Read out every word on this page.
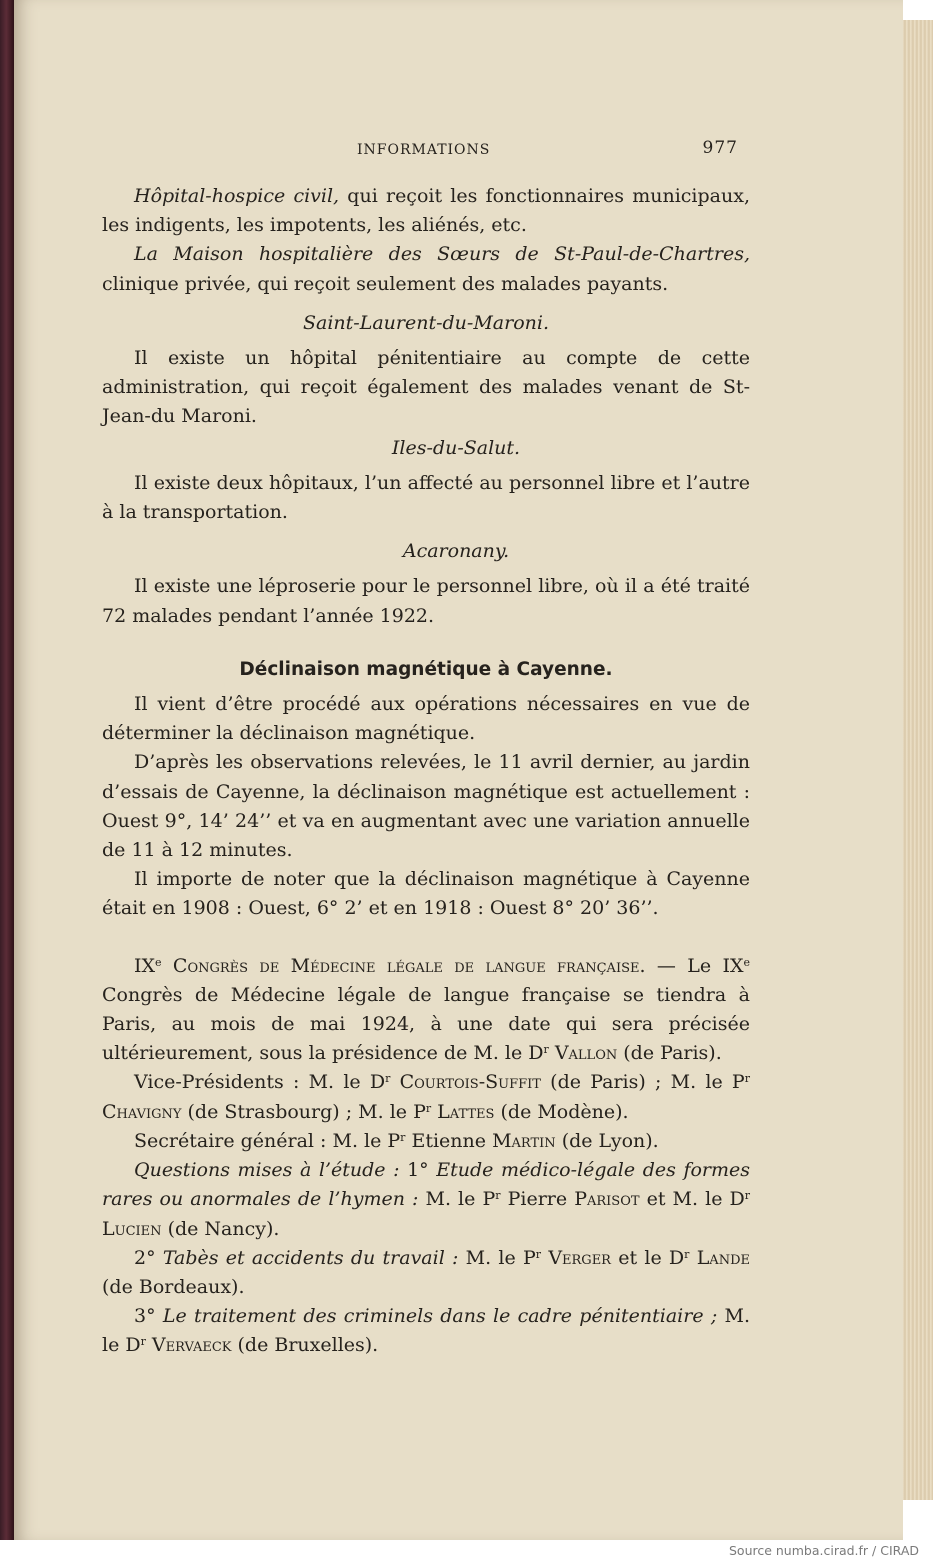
INFORMATIONS	977

Hôpital-hospice civil, qui reçoit les fonctionnaires municipaux, les indigents, les impotents, les aliénés, etc.

La Maison hospitalière des Sœurs de St-Paul-de-Chartres, clinique privée, qui reçoit seulement des malades payants.

Saint-Laurent-du-Maroni.

Il existe un hôpital pénitentiaire au compte de cette administration, qui reçoit également des malades venant de St-Jean-du Maroni.

Iles-du-Salut.

Il existe deux hôpitaux, l’un affecté au personnel libre et l’autre à la transportation.

Acaronany.

Il existe une léproserie pour le personnel libre, où il a été traité 72 malades pendant l’année 1922.

Déclinaison magnétique à Cayenne.

Il vient d’être procédé aux opérations nécessaires en vue de déterminer la déclinaison magnétique.

D’après les observations relevées, le 11 avril dernier, au jardin d’essais de Cayenne, la déclinaison magnétique est actuellement : Ouest 9°, 14’ 24’’ et va en augmentant avec une variation annuelle de 11 à 12 minutes.

Il importe de noter que la déclinaison magnétique à Cayenne était en 1908 : Ouest, 6° 2’ et en 1918 : Ouest 8° 20’ 36’’.

IXe Congrès de Médecine légale de langue française. — Le IXe Congrès de Médecine légale de langue française se tiendra à Paris, au mois de mai 1924, à une date qui sera précisée ultérieurement, sous la présidence de M. le $D^r$ Vallon (de Paris).

Vice-Présidents : M. le $D^r$ Courtois-Suffit (de Paris) ; M. le $P^r$ Chavigny (de Strasbourg) ; M. le $P^r$ Lattes (de Modène).

Secrétaire général : M. le $P^r$ Etienne Martin (de Lyon).

Questions mises à l’étude : 1° Etude médico-légale des formes rares ou anormales de l’hymen : M. le $P^r$ Pierre Parisot et M. le $D^r$ Lucien (de Nancy).

2° Tabès et accidents du travail : M. le $P^r$ Verger et le $D^r$ Lande (de Bordeaux).

3° Le traitement des criminels dans le cadre pénitentiaire ; M. le $D^r$ Vervaeck (de Bruxelles).

Source numba.cirad.fr / CIRAD
